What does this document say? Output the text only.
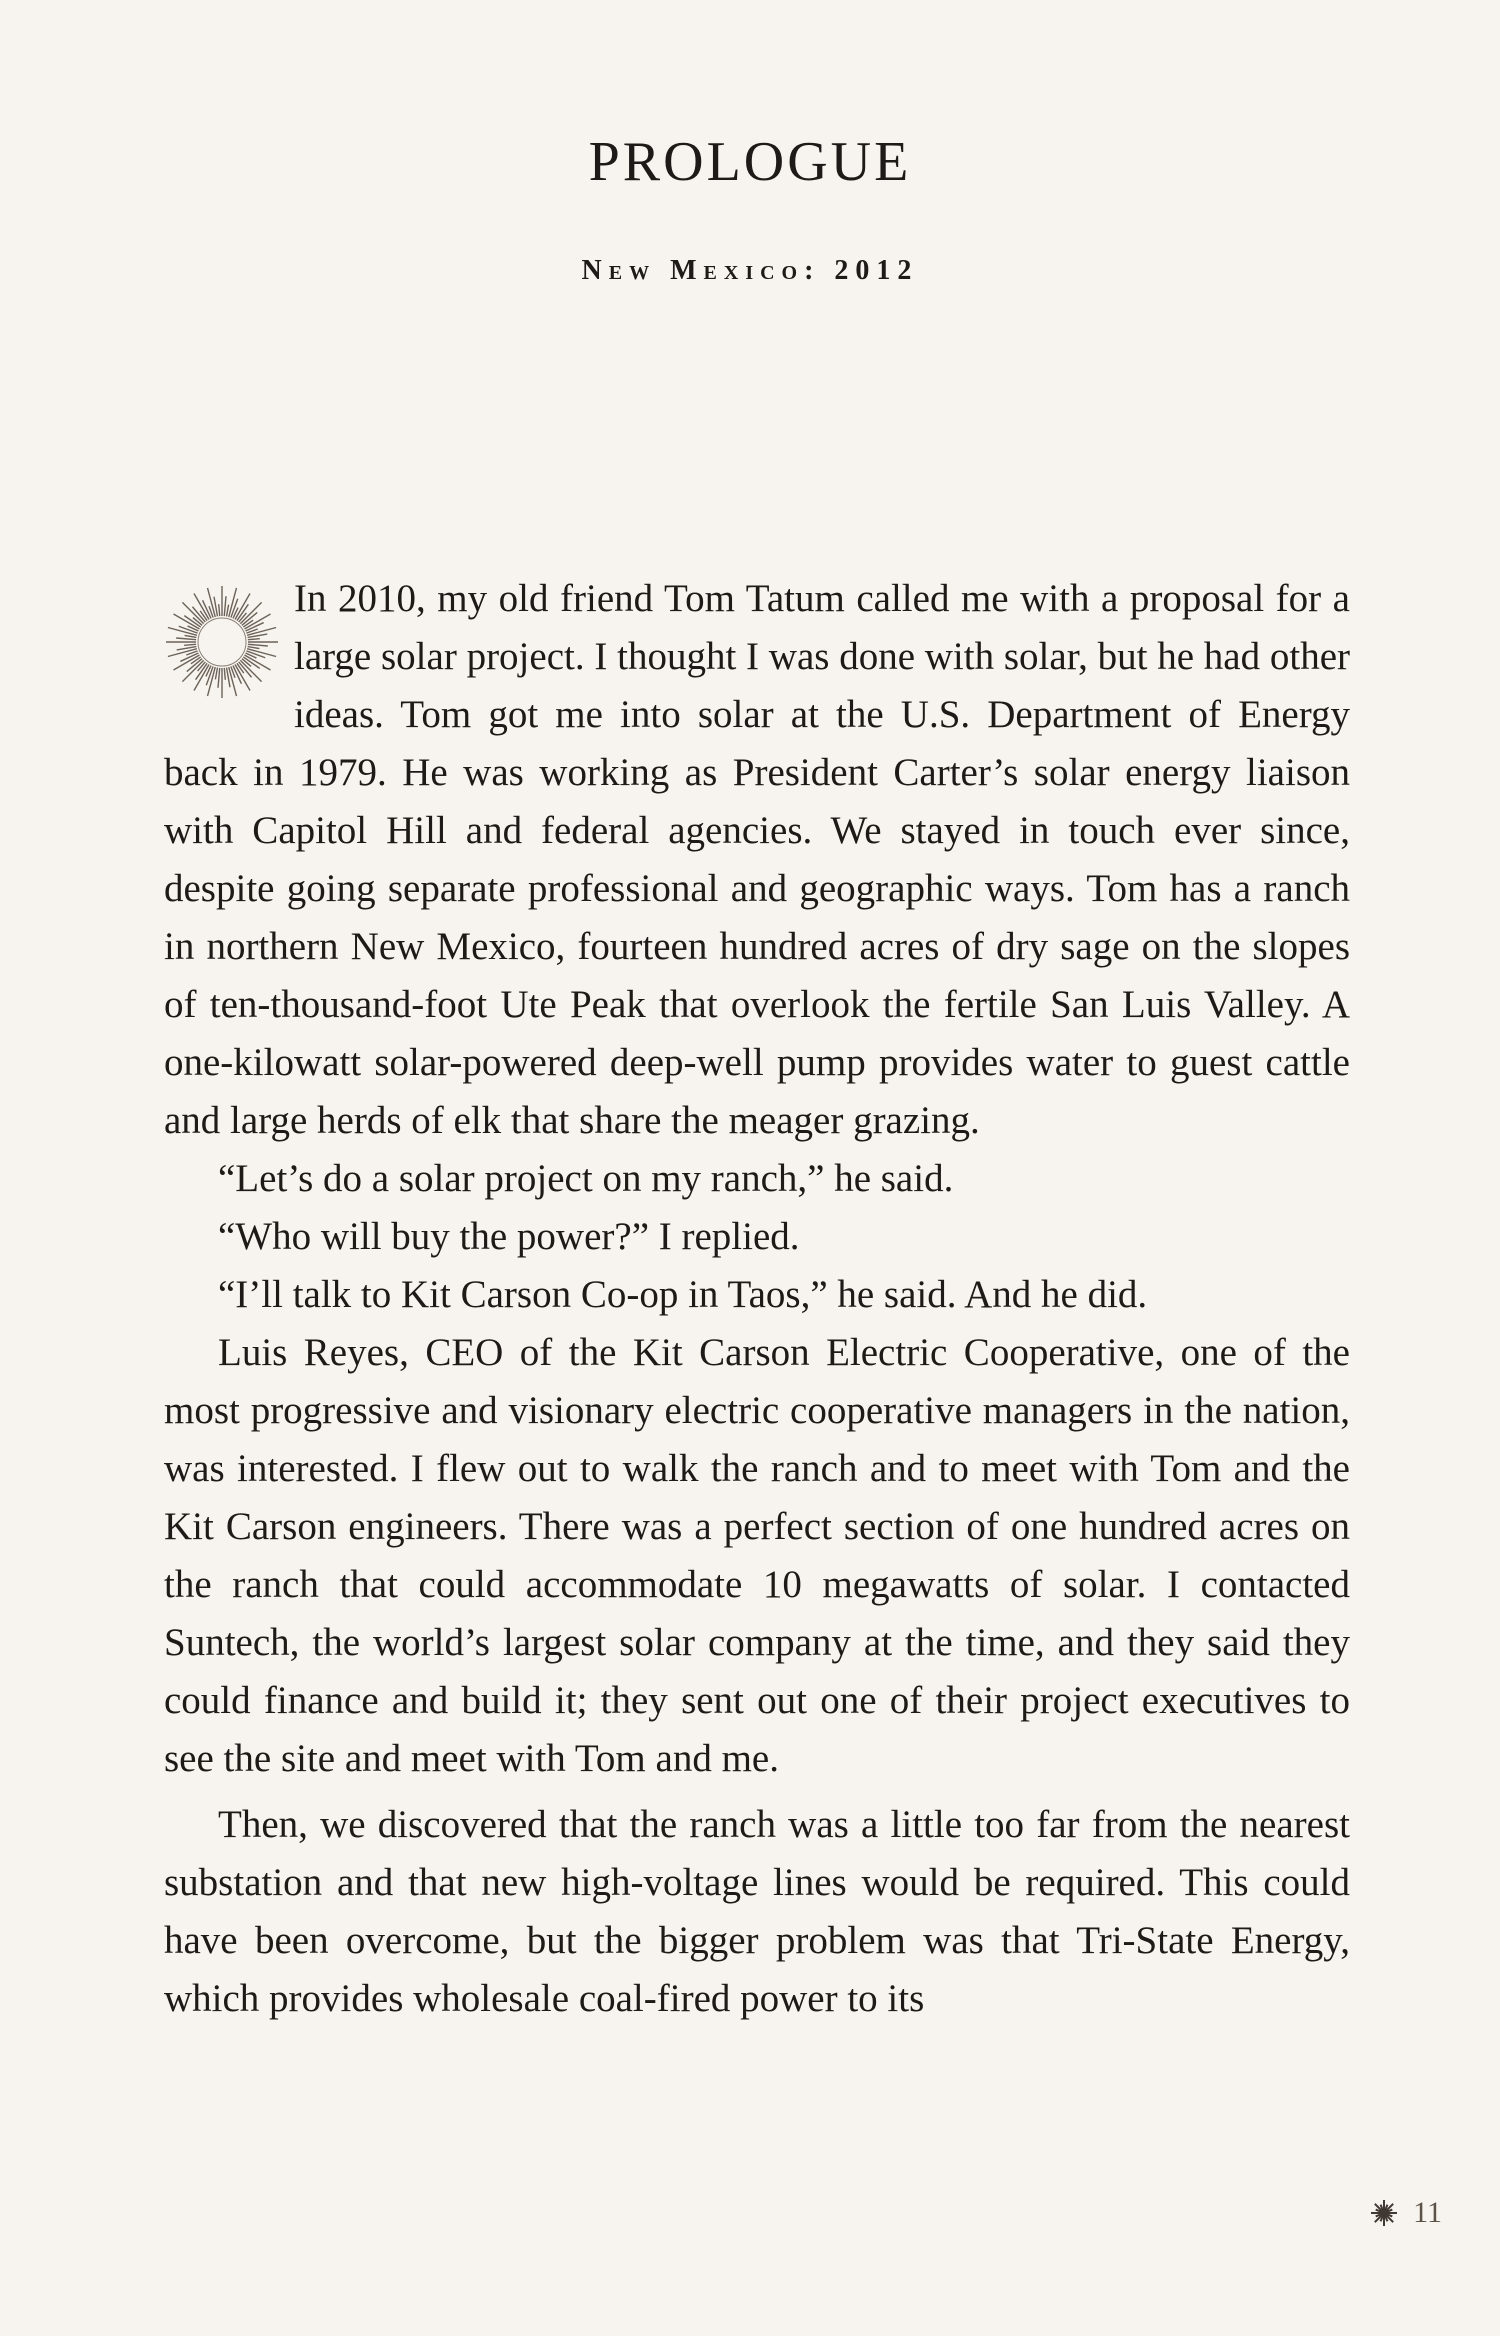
PROLOGUE
New Mexico: 2012

In 2010, my old friend Tom Tatum called me with a proposal for a large solar project. I thought I was done with solar, but he had other ideas. Tom got me into solar at the U.S. Department of Energy back in 1979. He was working as President Carter’s solar energy liaison with Capitol Hill and federal agencies. We stayed in touch ever since, despite going separate professional and geographic ways. Tom has a ranch in northern New Mexico, fourteen hundred acres of dry sage on the slopes of ten-thousand-foot Ute Peak that overlook the fertile San Luis Valley. A one-kilowatt solar-powered deep-well pump provides water to guest cattle and large herds of elk that share the meager grazing.

“Let’s do a solar project on my ranch,” he said.

“Who will buy the power?” I replied.

“I’ll talk to Kit Carson Co-op in Taos,” he said. And he did.

Luis Reyes, CEO of the Kit Carson Electric Cooperative, one of the most progressive and visionary electric cooperative managers in the nation, was interested. I flew out to walk the ranch and to meet with Tom and the Kit Carson engineers. There was a perfect section of one hundred acres on the ranch that could accommodate 10 megawatts of solar. I contacted Suntech, the world’s largest solar company at the time, and they said they could finance and build it; they sent out one of their project executives to see the site and meet with Tom and me.

Then, we discovered that the ranch was a little too far from the nearest substation and that new high-voltage lines would be required. This could have been overcome, but the bigger problem was that Tri-State Energy, which provides wholesale coal-fired power to its

11
